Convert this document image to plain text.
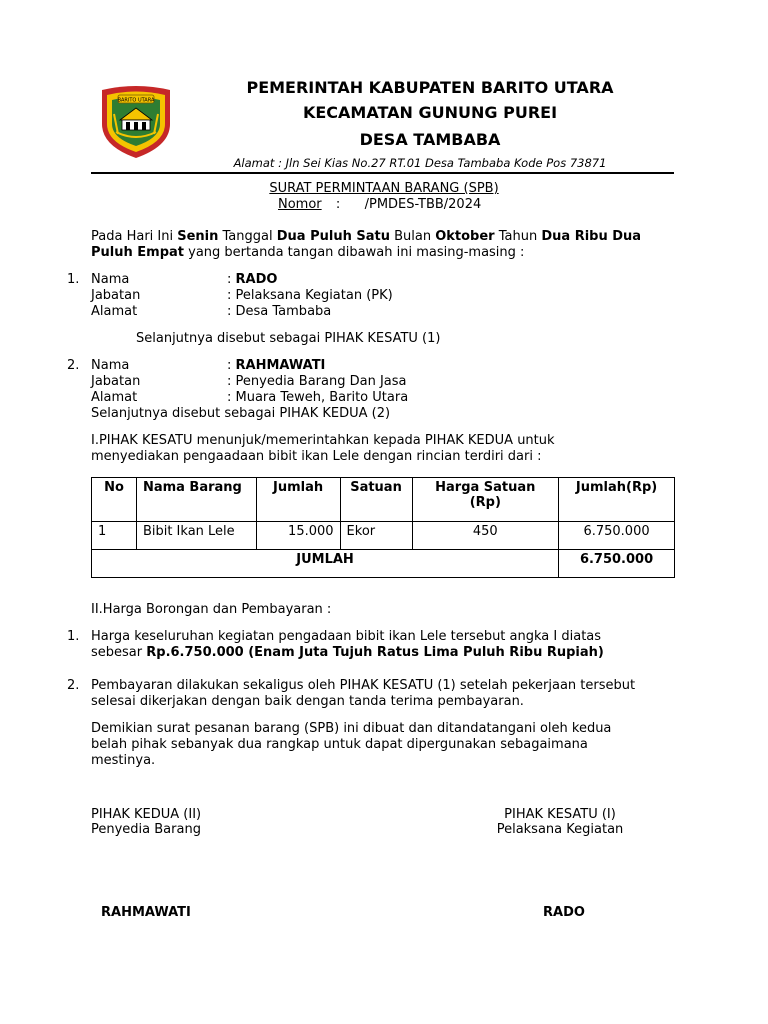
BARITO UTARA
PEMERINTAH KABUPATEN BARITO UTARA
KECAMATAN GUNUNG PUREI
DESA TAMBABA
Alamat : Jln Sei Kias No.27 RT.01 Desa Tambaba Kode Pos 73871
SURAT PERMINTAAN BARANG (SPB)
Nomor : /PMDES-TBB/2024
Pada Hari Ini Senin Tanggal Dua Puluh Satu Bulan Oktober Tahun Dua Ribu Dua Puluh Empat yang bertanda tangan dibawah ini masing-masing :
1. Nama	: RADO
Jabatan	: Pelaksana Kegiatan (PK)
Alamat	: Desa Tambaba
Selanjutnya disebut sebagai PIHAK KESATU (1)
2. Nama	: RAHMAWATI
Jabatan	: Penyedia Barang Dan Jasa
Alamat	: Muara Teweh, Barito Utara
Selanjutnya disebut sebagai PIHAK KEDUA (2)
I.PIHAK KESATU menunjuk/memerintahkan kepada PIHAK KEDUA untuk menyediakan pengaadaan bibit ikan Lele dengan rincian terdiri dari :
No	Nama Barang	Jumlah	Satuan	Harga Satuan (Rp)	Jumlah(Rp)
1	Bibit Ikan Lele	15.000	Ekor	450	6.750.000
JUMLAH					6.750.000
II.Harga Borongan dan Pembayaran :
1. Harga keseluruhan kegiatan pengadaan bibit ikan Lele tersebut angka I diatas sebesar Rp.6.750.000 (Enam Juta Tujuh Ratus Lima Puluh Ribu Rupiah)
2. Pembayaran dilakukan sekaligus oleh PIHAK KESATU (1) setelah pekerjaan tersebut selesai dikerjakan dengan baik dengan tanda terima pembayaran.
Demikian surat pesanan barang (SPB) ini dibuat dan ditandatangani oleh kedua belah pihak sebanyak dua rangkap untuk dapat dipergunakan sebagaimana mestinya.
PIHAK KEDUA (II)
Penyedia Barang
RAHMAWATI
PIHAK KESATU (I)
Pelaksana Kegiatan
RADO
